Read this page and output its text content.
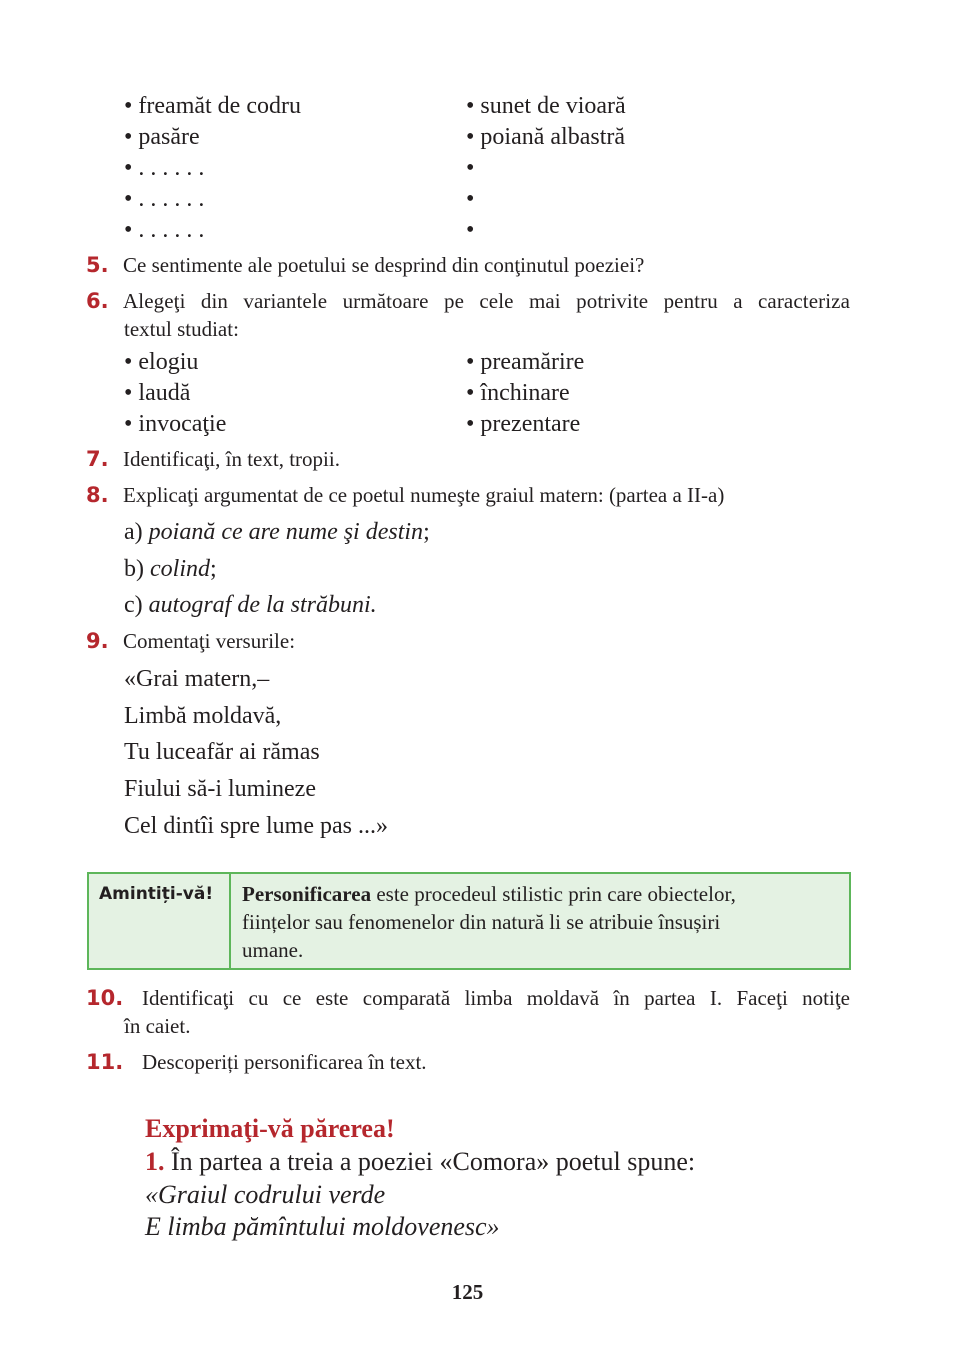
• freamăt de codru
• pasăre
• . . . . . .
• . . . . . .
• . . . . . .
• sunet de vioară
• poiană albastră
•
•
•
5. Ce sentimente ale poetului se desprind din conţinutul poeziei?
6. Alegeţi din variantele următoare pe cele mai potrivite pentru a caracteriza
textul studiat:
• elogiu
• laudă
• invocaţie
• preamărire
• închinare
• prezentare
7. Identificaţi, în text, tropii.
8. Explicaţi argumentat de ce poetul numeşte graiul matern: (partea a II-a)
a) poiană ce are nume şi destin;
b) colind;
c) autograf de la străbuni.
9. Comentaţi versurile:
«Grai matern,–
Limbă moldavă,
Tu luceafăr ai rămas
Fiului să-i lumineze
Cel dintîi spre lume pas ...»
Amintiți-vă!	Personificarea este procedeul stilistic prin care obiectelor,
ființelor sau fenomenelor din natură li se atribuie însușiri
umane.
10. Identificaţi cu ce este comparată limba moldavă în partea I. Faceţi notiţe
în caiet.
11. Descoperiți personificarea în text.
Exprimaţi-vă părerea!
1. În partea a treia a poeziei «Comora» poetul spune:
«Graiul codrului verde
E limba pămîntului moldovenesc»
125
